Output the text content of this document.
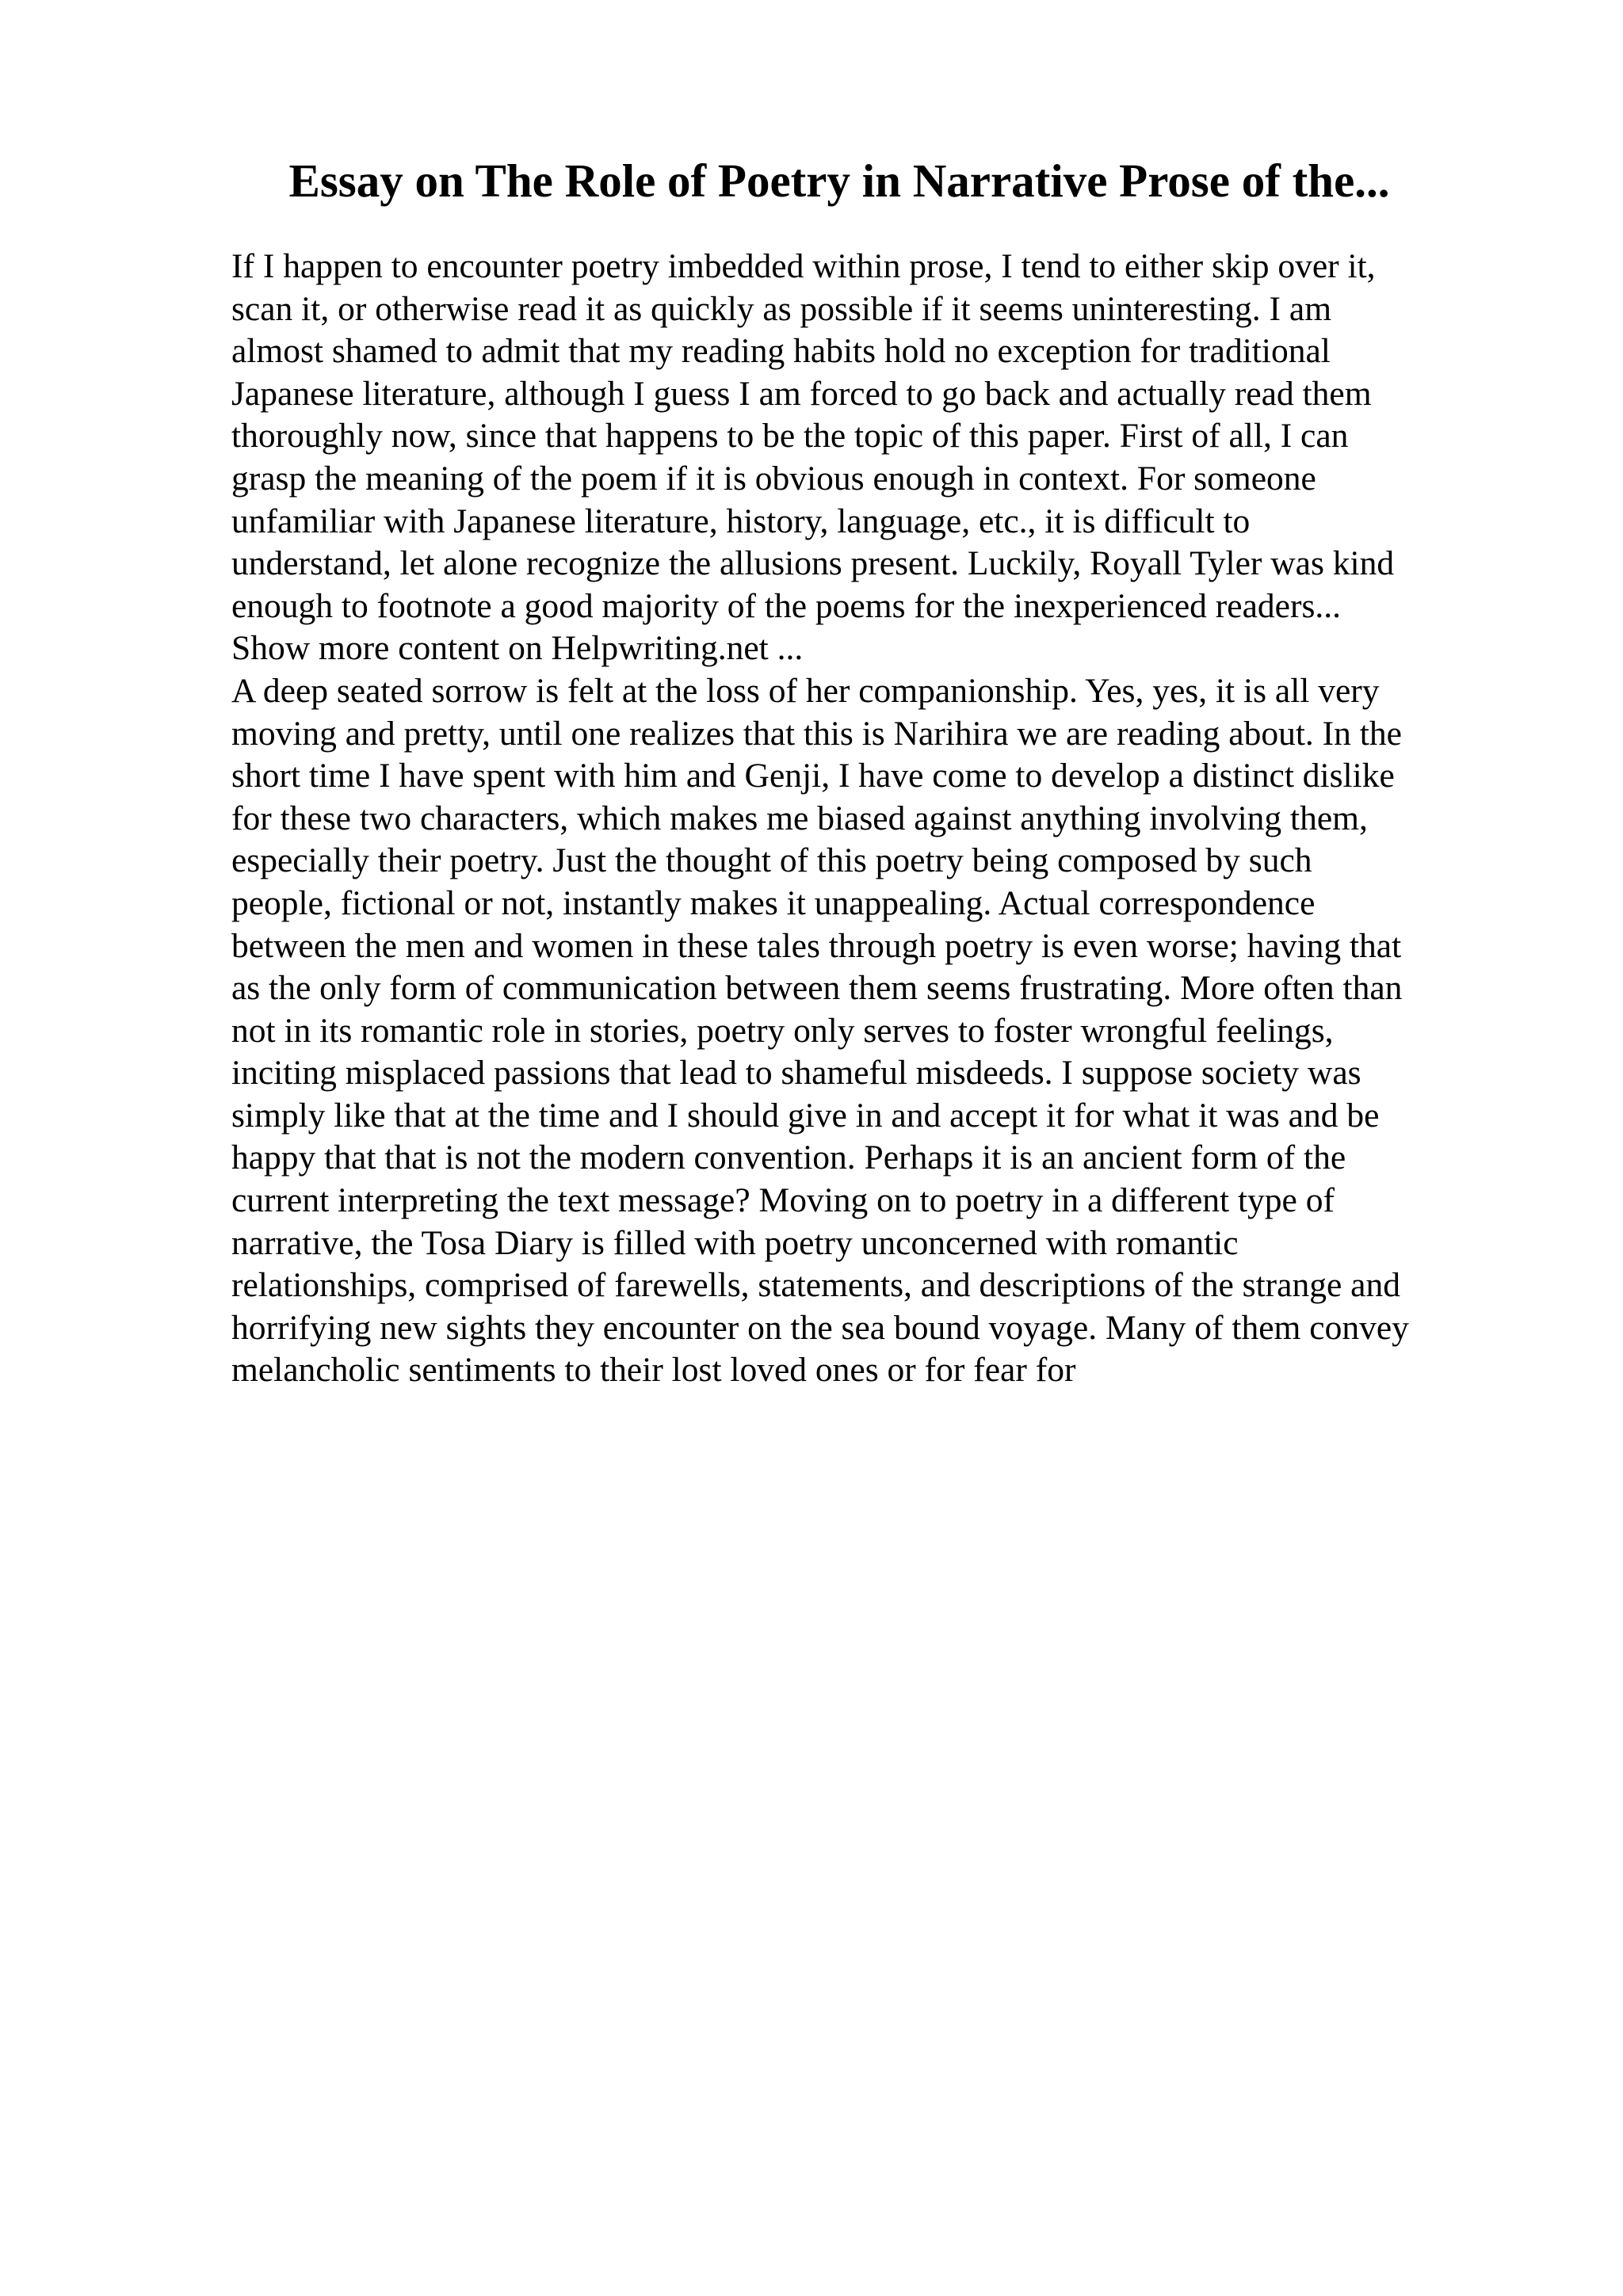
Essay on The Role of Poetry in Narrative Prose of the...
If I happen to encounter poetry imbedded within prose, I tend to either skip over it,
scan it, or otherwise read it as quickly as possible if it seems uninteresting. I am
almost shamed to admit that my reading habits hold no exception for traditional
Japanese literature, although I guess I am forced to go back and actually read them
thoroughly now, since that happens to be the topic of this paper. First of all, I can
grasp the meaning of the poem if it is obvious enough in context. For someone
unfamiliar with Japanese literature, history, language, etc., it is difficult to
understand, let alone recognize the allusions present. Luckily, Royall Tyler was kind
enough to footnote a good majority of the poems for the inexperienced readers...
Show more content on Helpwriting.net ...
A deep seated sorrow is felt at the loss of her companionship. Yes, yes, it is all very
moving and pretty, until one realizes that this is Narihira we are reading about. In the
short time I have spent with him and Genji, I have come to develop a distinct dislike
for these two characters, which makes me biased against anything involving them,
especially their poetry. Just the thought of this poetry being composed by such
people, fictional or not, instantly makes it unappealing. Actual correspondence
between the men and women in these tales through poetry is even worse; having that
as the only form of communication between them seems frustrating. More often than
not in its romantic role in stories, poetry only serves to foster wrongful feelings,
inciting misplaced passions that lead to shameful misdeeds. I suppose society was
simply like that at the time and I should give in and accept it for what it was and be
happy that that is not the modern convention. Perhaps it is an ancient form of the
current interpreting the text message? Moving on to poetry in a different type of
narrative, the Tosa Diary is filled with poetry unconcerned with romantic
relationships, comprised of farewells, statements, and descriptions of the strange and
horrifying new sights they encounter on the sea bound voyage. Many of them convey
melancholic sentiments to their lost loved ones or for fear for
